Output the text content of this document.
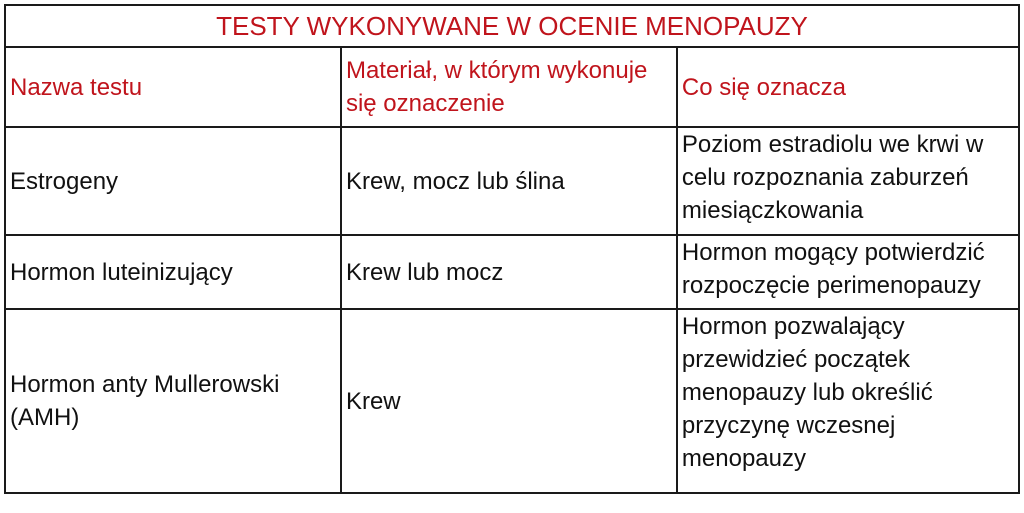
TESTY WYKONYWANE W OCENIE MENOPAUZY		
Nazwa testu	Materiał, w którym wykonuje się oznaczenie	Co się oznacza
Estrogeny	Krew, mocz lub ślina	Poziom estradiolu we krwi w celu rozpoznania zaburzeń miesiączkowania
Hormon luteinizujący	Krew lub mocz	Hormon mogący potwierdzić rozpoczęcie perimenopauzy
Hormon anty Mullerowski (AMH)	Krew	Hormon pozwalający przewidzieć początek menopauzy lub określić przyczynę wczesnej menopauzy
